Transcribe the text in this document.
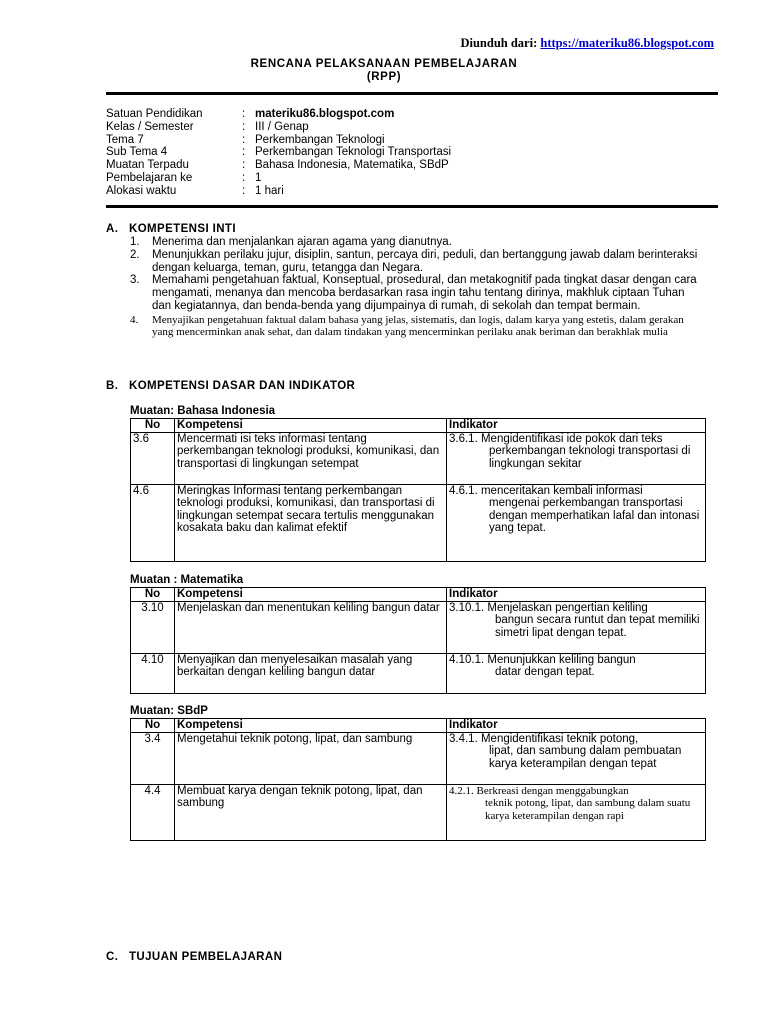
Diunduh dari: https://materiku86.blogspot.com
RENCANA PELAKSANAAN PEMBELAJARAN
(RPP)
Satuan Pendidikan	:	materiku86.blogspot.com
Kelas / Semester	:	III / Genap
Tema 7	:	Perkembangan Teknologi
Sub Tema 4	:	Perkembangan Teknologi Transportasi
Muatan Terpadu	:	Bahasa Indonesia, Matematika, SBdP
Pembelajaran ke	:	1
Alokasi waktu	:	1 hari
A. KOMPETENSI INTI
1. Menerima dan menjalankan ajaran agama yang dianutnya.
2. Menunjukkan perilaku jujur, disiplin, santun, percaya diri, peduli, dan bertanggung jawab dalam berinteraksi dengan keluarga, teman, guru, tetangga dan Negara.
3. Memahami pengetahuan faktual, Konseptual, prosedural, dan metakognitif pada tingkat dasar dengan cara mengamati, menanya dan mencoba berdasarkan rasa ingin tahu tentang dirinya, makhluk ciptaan Tuhan dan kegiatannya, dan benda-benda yang dijumpainya di rumah, di sekolah dan tempat bermain.
4. Menyajikan pengetahuan faktual dalam bahasa yang jelas, sistematis, dan logis, dalam karya yang estetis, dalam gerakan yang mencerminkan anak sehat, dan dalam tindakan yang mencerminkan perilaku anak beriman dan berakhlak mulia
B. KOMPETENSI DASAR DAN INDIKATOR
Muatan: Bahasa Indonesia
No	Kompetensi	Indikator
3.6	Mencermati isi teks informasi tentang perkembangan teknologi produksi, komunikasi, dan transportasi di lingkungan setempat	3.6.1. Mengidentifikasi ide pokok dari teks
perkembangan teknologi transportasi di lingkungan sekitar

4.6	Meringkas Informasi tentang perkembangan teknologi produksi, komunikasi, dan transportasi di lingkungan setempat secara tertulis menggunakan kosakata baku dan kalimat efektif	4.6.1. menceritakan kembali informasi
mengenai perkembangan transportasi dengan memperhatikan lafal dan intonasi yang tepat.
Muatan : Matematika
No	Kompetensi	Indikator
3.10	Menjelaskan dan menentukan keliling bangun datar	3.10.1. Menjelaskan pengertian keliling
bangun secara runtut dan tepat memiliki simetri lipat dengan tepat.

4.10	Menyajikan dan menyelesaikan masalah yang berkaitan dengan keliling bangun datar	4.10.1. Menunjukkan keliling bangun
datar dengan tepat.
Muatan: SBdP
No	Kompetensi	Indikator
3.4	Mengetahui teknik potong, lipat, dan sambung	3.4.1. Mengidentifikasi teknik potong,
lipat, dan sambung dalam pembuatan karya keterampilan dengan tepat

4.4	Membuat karya dengan teknik potong, lipat, dan sambung	4.2.1. Berkreasi dengan menggabungkan
teknik potong, lipat, dan sambung dalam suatu karya keterampilan dengan rapi
C. TUJUAN PEMBELAJARAN
